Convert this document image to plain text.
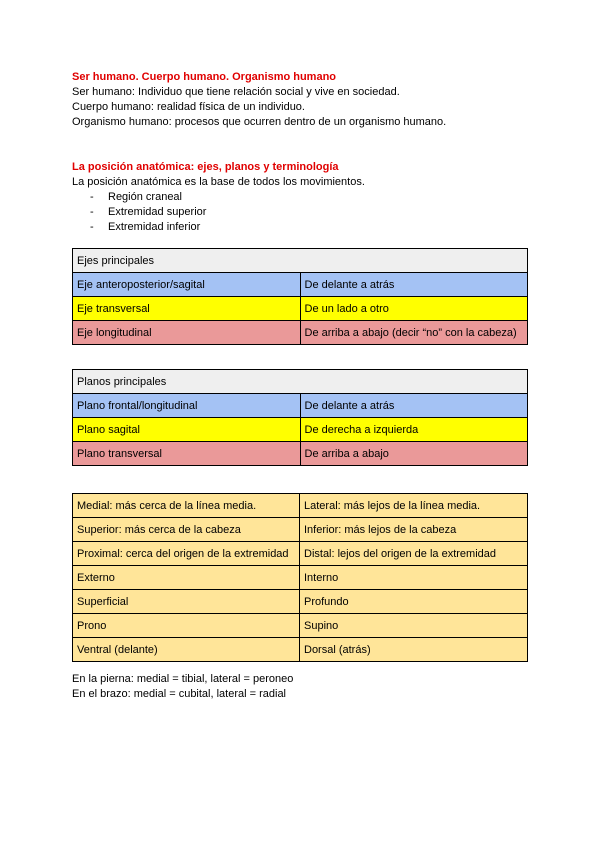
Ser humano. Cuerpo humano. Organismo humano
Ser humano: Individuo que tiene relación social y vive en sociedad.
Cuerpo humano: realidad física de un individuo.
Organismo humano: procesos que ocurren dentro de un organismo humano.
La posición anatómica: ejes, planos y terminología
La posición anatómica es la base de todos los movimientos.
- Región craneal
- Extremidad superior
- Extremidad inferior
Ejes principales	
Eje anteroposterior/sagital	De delante a atrás
Eje transversal	De un lado a otro
Eje longitudinal	De arriba a abajo (decir “no” con la cabeza)
Planos principales	
Plano frontal/longitudinal	De delante a atrás
Plano sagital	De derecha a izquierda
Plano transversal	De arriba a abajo
Medial: más cerca de la línea media.	Lateral: más lejos de la línea media.
Superior: más cerca de la cabeza	Inferior: más lejos de la cabeza
Proximal: cerca del origen de la extremidad	Distal: lejos del origen de la extremidad
Externo	Interno
Superficial	Profundo
Prono	Supino
Ventral (delante)	Dorsal (atrás)
En la pierna: medial = tibial, lateral = peroneo
En el brazo: medial = cubital, lateral = radial
